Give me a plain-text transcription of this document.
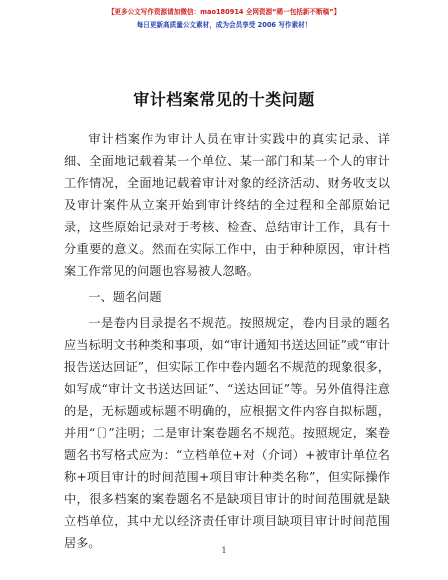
【更多公文写作资源请加微信：mao180914 全网资源“稀一包括新不断稿”】
每日更新高质量公文素材，成为会员享受 2006 写作素材！
审计档案常见的十类问题

审计档案作为审计人员在审计实践中的真实记录、详细、全面地记载着某一个单位、某一部门和某一个人的审计工作情况，全面地记载着审计对象的经济活动、财务收支以及审计案件从立案开始到审计终结的全过程和全部原始记录，这些原始记录对于考核、检查、总结审计工作，具有十分重要的意义。然而在实际工作中，由于种种原因，审计档案工作常见的问题也容易被人忽略。

一、题名问题

一是卷内目录提名不规范。按照规定，卷内目录的题名应当标明文书种类和事项，如“审计通知书送达回证”或“审计报告送达回证”，但实际工作中卷内题名不规范的现象很多，如写成“审计文书送达回证”、“送达回证”等。另外值得注意的是，无标题或标题不明确的，应根据文件内容自拟标题，并用“〔〕”注明；二是审计案卷题名不规范。按照规定，案卷题名书写格式应为：“立档单位+对（介词）+被审计单位名称+项目审计的时间范围+项目审计种类名称”，但实际操作中，很多档案的案卷题名不是缺项目审计的时间范围就是缺立档单位，其中尤以经济责任审计项目缺项目审计时间范围居多。

1
